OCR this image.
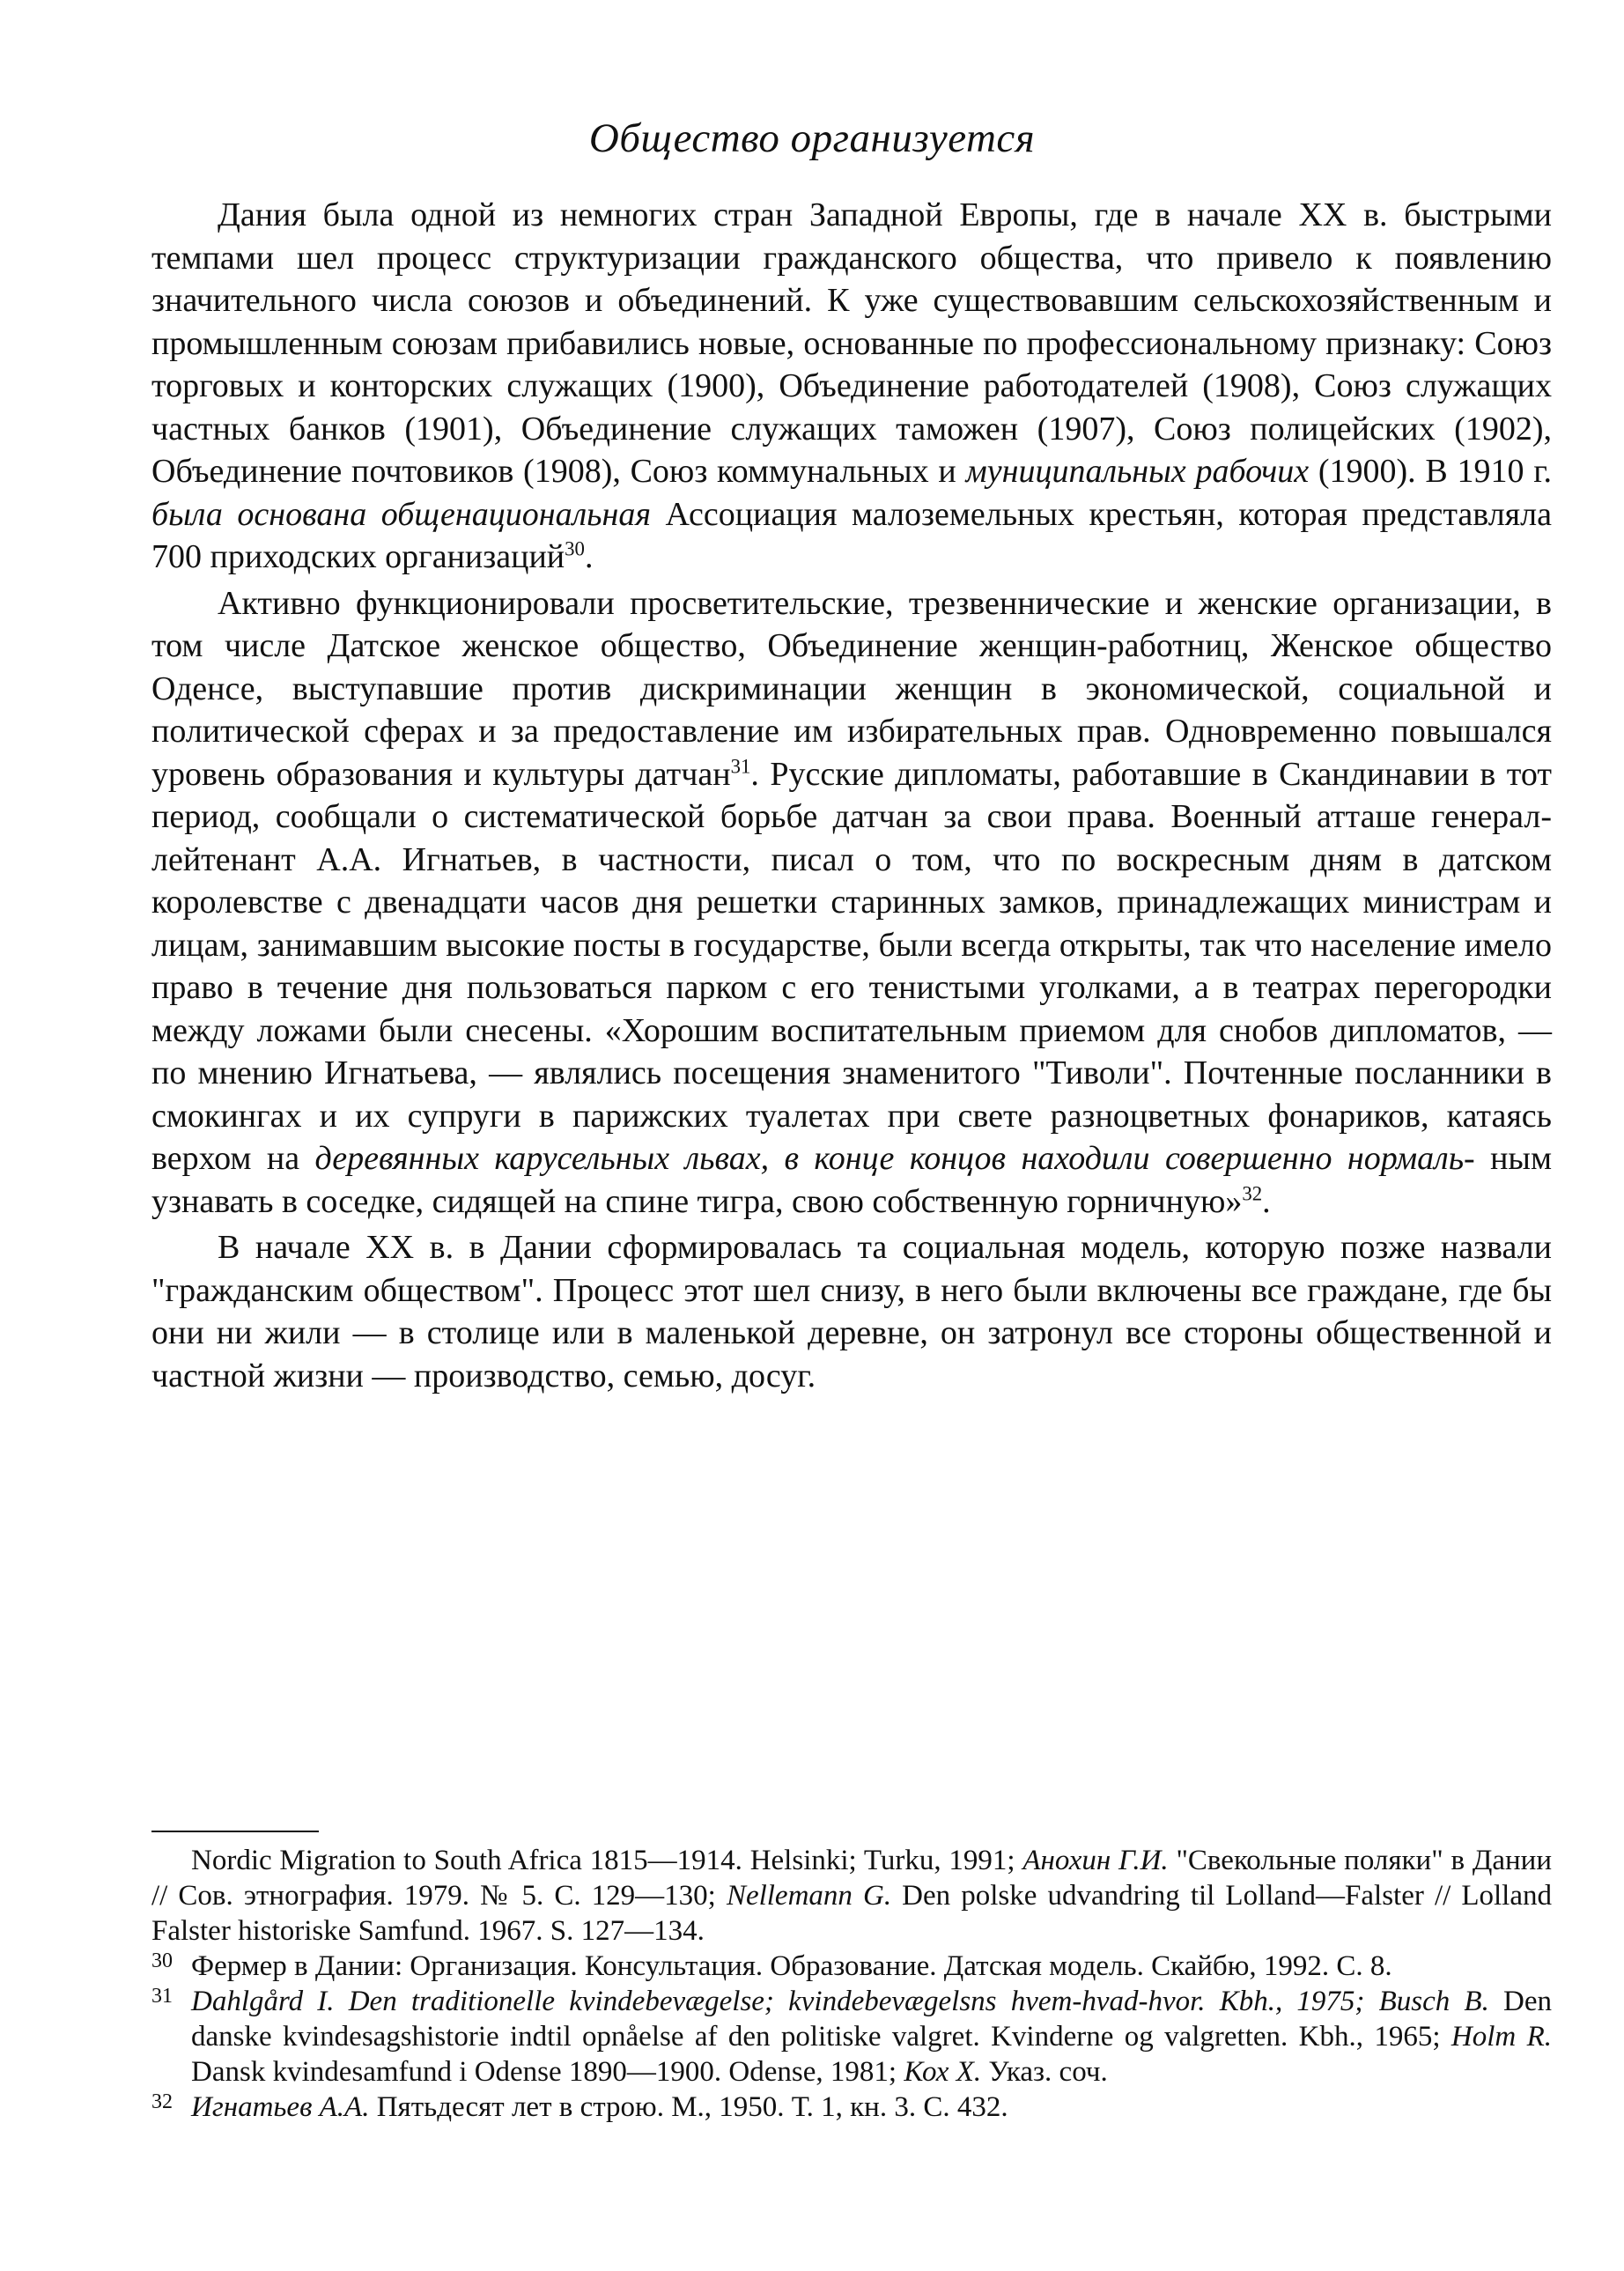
Общество организуется

Дания была одной из немногих стран Западной Европы, где в начале XX в. быстрыми темпами шел процесс структуризации гражданского общества, что привело к появлению значительного числа союзов и объединений. К уже существовавшим сельскохозяйственным и промышленным союзам прибавились новые, основанные по профессиональному признаку: Союз торговых и конторских служащих (1900), Объединение работодателей (1908), Союз служащих частных банков (1901), Объединение служащих таможен (1907), Союз полицейских (1902), Объединение почтовиков (1908), Союз коммунальных и муниципальных рабочих (1900). В 1910 г. была основана общенациональная Ассоциация малоземельных крестьян, которая представляла 700 приходских организаций$^{30}$.

Активно функционировали просветительские, трезвеннические и женские организации, в том числе Датское женское общество, Объединение женщин-работниц, Женское общество Оденсе, выступавшие против дискриминации женщин в экономической, социальной и политической сферах и за предоставление им избирательных прав. Одновременно повышался уровень образования и культуры датчан$^{31}$. Русские дипломаты, работавшие в Скандинавии в тот период, сообщали о систематической борьбе датчан за свои права. Военный атташе генерал-лейтенант А.А. Игнатьев, в частности, писал о том, что по воскресным дням в датском королевстве с двенадцати часов дня решетки старинных замков, принадлежащих министрам и лицам, занимавшим высокие посты в государстве, были всегда открыты, так что население имело право в течение дня пользоваться парком с его тенистыми уголками, а в театрах перегородки между ложами были снесены. «Хорошим воспитательным приемом для снобов дипломатов, — по мнению Игнатьева, — являлись посещения знаменитого "Тиволи". Почтенные посланники в смокингах и их супруги в парижских туалетах при свете разноцветных фонариков, катаясь верхом на деревянных карусельных львах, в конце концов находили совершенно нормаль- ным узнавать в соседке, сидящей на спине тигра, свою собственную горничную»$^{32}$.

В начале XX в. в Дании сформировалась та социальная модель, которую позже назвали "гражданским обществом". Процесс этот шел снизу, в него были включены все граждане, где бы они ни жили — в столице или в маленькой деревне, он затронул все стороны общественной и частной жизни — производство, семью, досуг.

Nordic Migration to South Africa 1815—1914. Helsinki; Turku, 1991; Анохин Г.И. "Свекольные поляки" в Дании // Сов. этнография. 1979. № 5. С. 129—130; Nellemann G. Den polske udvandring til Lolland—Falster // Lolland Falster historiske Samfund. 1967. S. 127—134.

30 Фермер в Дании: Организация. Консультация. Образование. Датская модель. Скайбю, 1992. С. 8.

31 Dahlgård I. Den traditionelle kvindebevægelse; kvindebevægelsns hvem-hvad-hvor. Kbh., 1975; Busch B. Den danske kvindesagshistorie indtil opnåelse af den politiske valgret. Kvinderne og valgretten. Kbh., 1965; Holm R. Dansk kvindesamfund i Odense 1890—1900. Odense, 1981; Кох Х. Указ. соч.

32 Игнатьев А.А. Пятьдесят лет в строю. М., 1950. Т. 1, кн. 3. С. 432.
